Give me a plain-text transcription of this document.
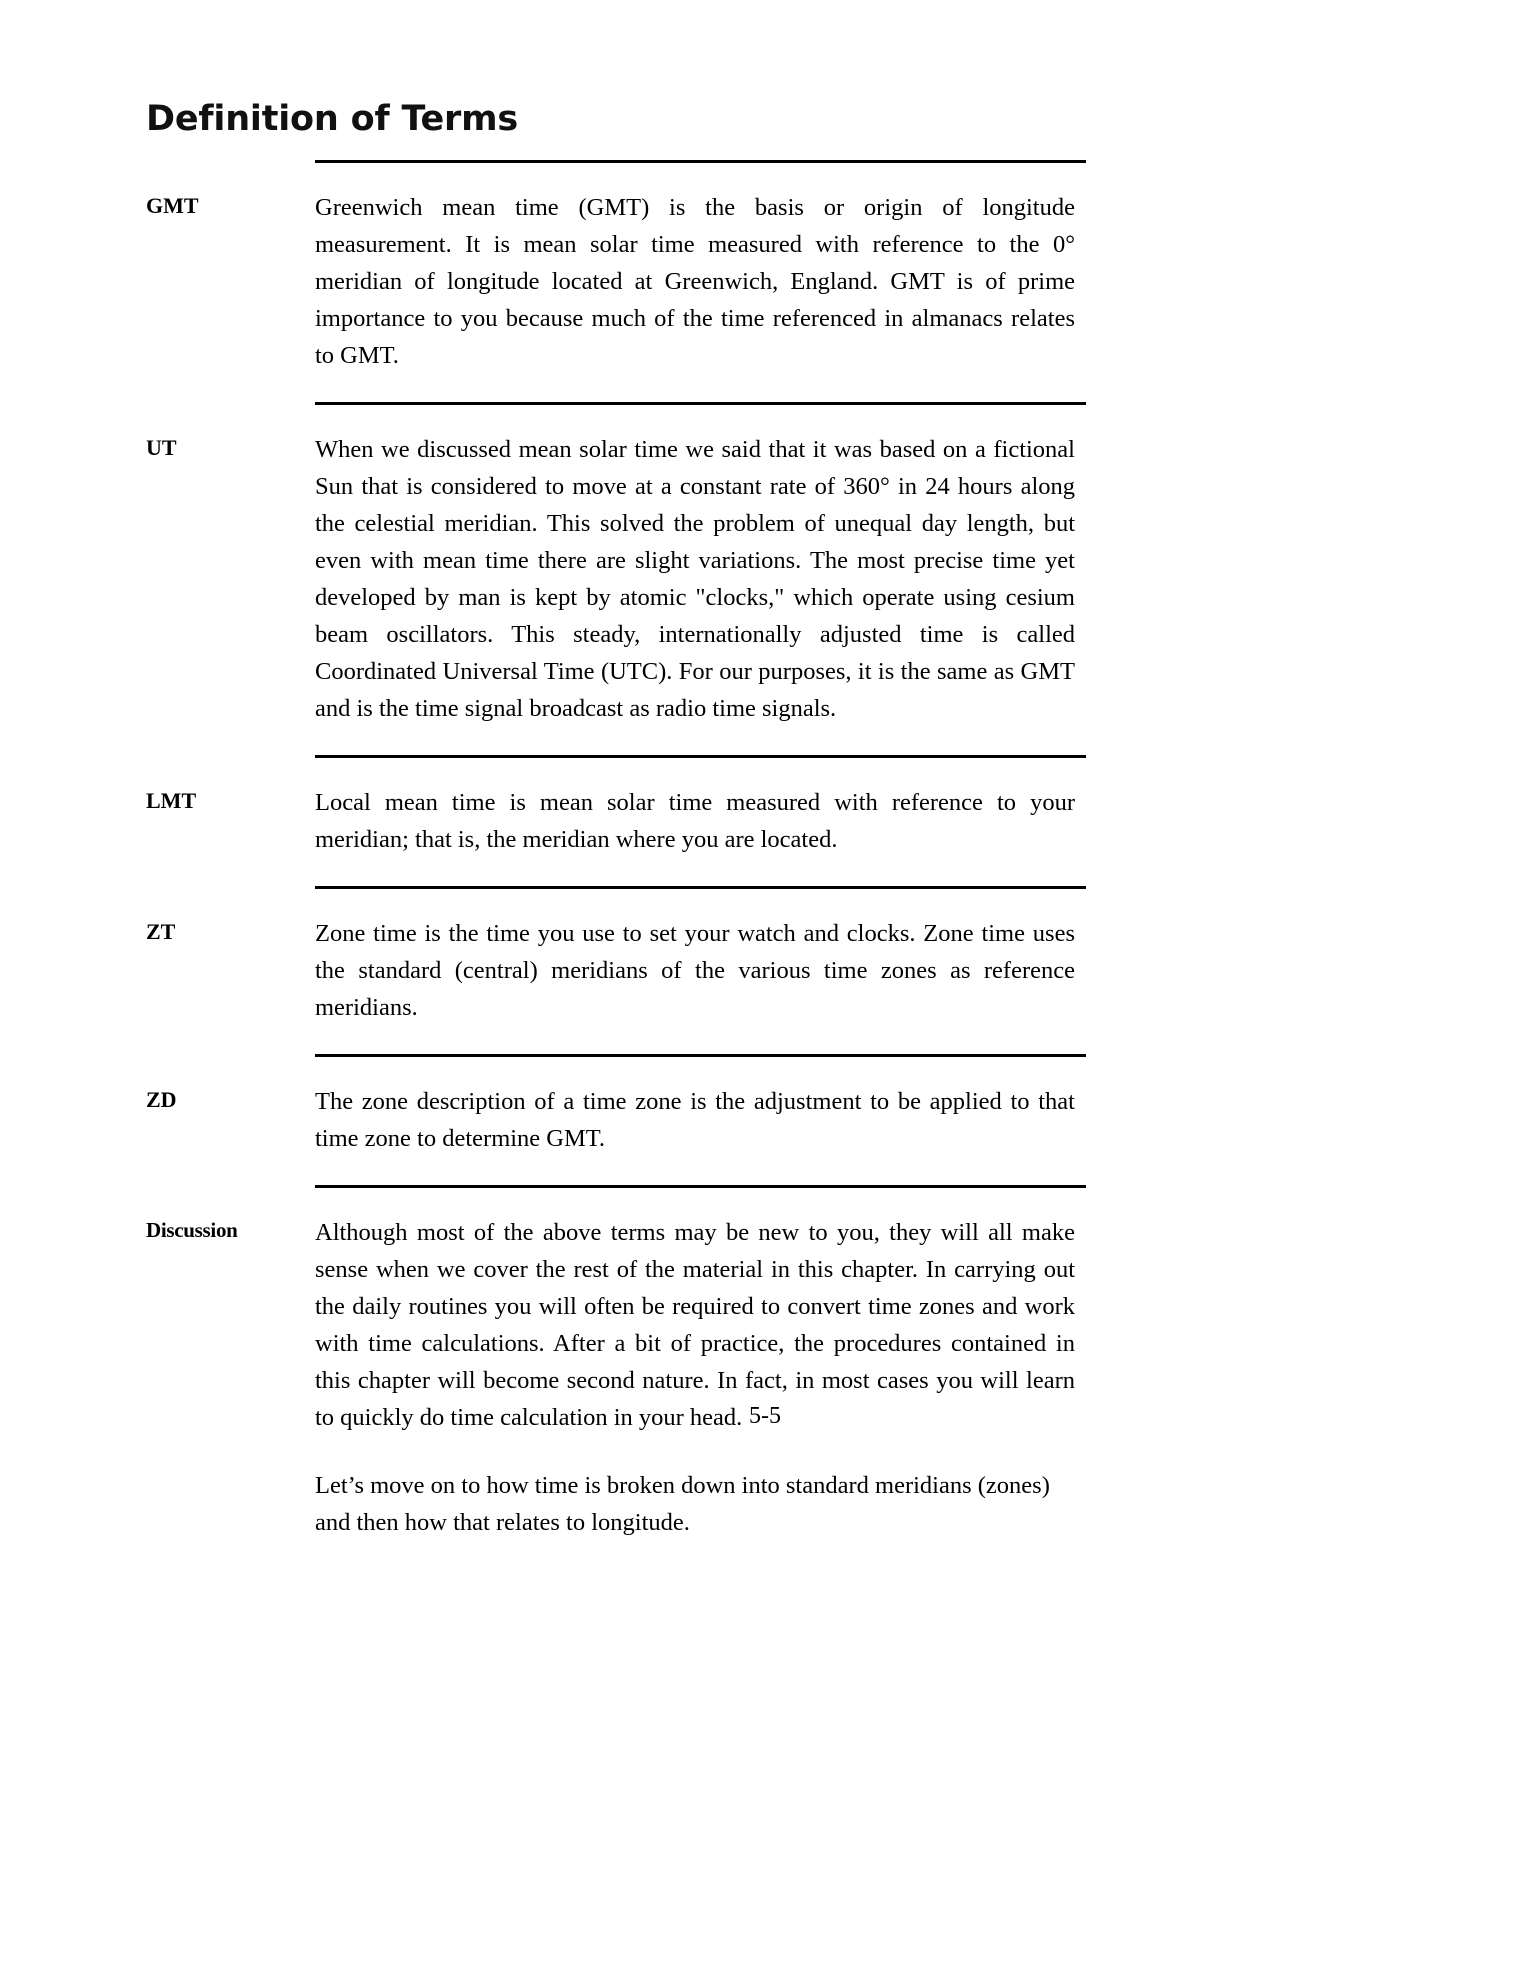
Definition of Terms
GMT	Greenwich mean time (GMT) is the basis or origin of longitude measurement. It is mean solar time measured with reference to the 0° meridian of longitude located at Greenwich, England. GMT is of prime importance to you because much of the time referenced in almanacs relates to GMT.

UT	When we discussed mean solar time we said that it was based on a fictional Sun that is considered to move at a constant rate of 360° in 24 hours along the celestial meridian. This solved the problem of unequal day length, but even with mean time there are slight variations. The most precise time yet developed by man is kept by atomic "clocks," which operate using cesium beam oscillators. This steady, internationally adjusted time is called Coordinated Universal Time (UTC). For our purposes, it is the same as GMT and is the time signal broadcast as radio time signals.

LMT	Local mean time is mean solar time measured with reference to your meridian; that is, the meridian where you are located.

ZT	Zone time is the time you use to set your watch and clocks. Zone time uses the standard (central) meridians of the various time zones as reference meridians.

ZD	The zone description of a time zone is the adjustment to be applied to that time zone to determine GMT.

Discussion	Although most of the above terms may be new to you, they will all make sense when we cover the rest of the material in this chapter. In carrying out the daily routines you will often be required to convert time zones and work with time calculations. After a bit of practice, the procedures contained in this chapter will become second nature. In fact, in most cases you will learn to quickly do time calculation in your head.

Let’s move on to how time is broken down into standard meridians (zones) and then how that relates to longitude.

5-5
